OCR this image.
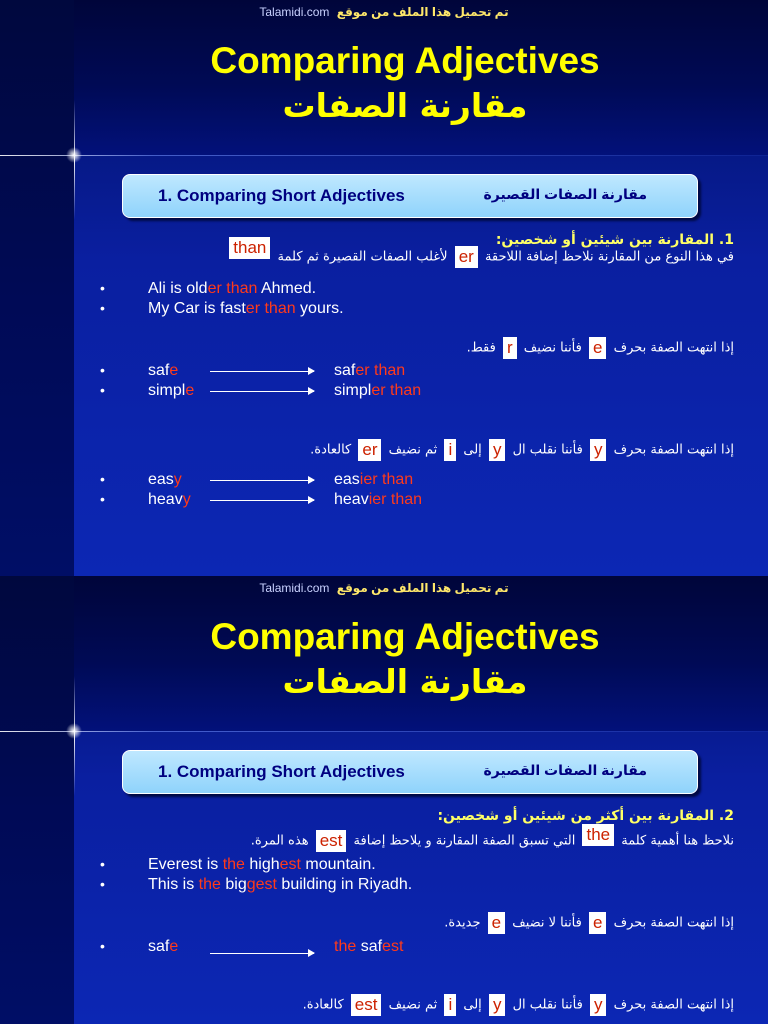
Talamidi.com تم تحميل هذا الملف من موقع
Comparing Adjectives
مقارنة الصفات
1. Comparing Short Adjectives	مقارنة الصفات القصيرة
1. المقارنة بين شيئين أو شخصين:
في هذا النوع من المقارنة نلاحظ إضافة اللاحقة er لأغلب الصفات القصيرة ثم كلمة than
•	Ali is older than Ahmed.
•	My Car is faster than yours.
إذا انتهت الصفة بحرف e فأننا نضيف r فقط.
•	safe	safer than
•	simple	simpler than
إذا انتهت الصفة بحرف y فأننا نقلب ال y إلى i ثم نضيف er كالعادة.
•	easy	easier than
•	heavy	heavier than
Talamidi.com تم تحميل هذا الملف من موقع
Comparing Adjectives
مقارنة الصفات
1. Comparing Short Adjectives	مقارنة الصفات القصيرة
2. المقارنة بين أكثر من شيئين أو شخصين:
نلاحظ هنا أهمية كلمة the التي تسبق الصفة المقارنة و يلاحظ إضافة est هذه المرة.
•	Everest is the highest mountain.
•	This is the biggest building in Riyadh.
إذا انتهت الصفة بحرف e فأننا لا نضيف e جديدة.
•	safe	the safest
إذا انتهت الصفة بحرف y فأننا نقلب ال y إلى i ثم نضيف est كالعادة.
